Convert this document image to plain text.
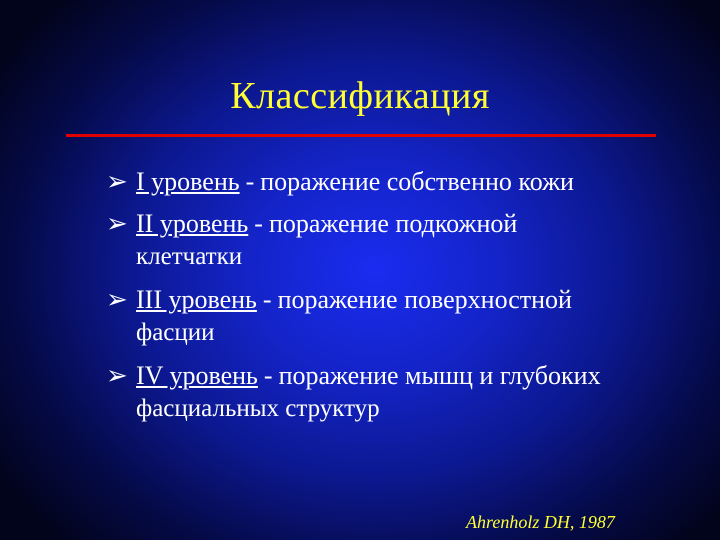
Классификация
➢ I уровень - поражение собственно кожи
➢ II уровень - поражение подкожной
клетчатки
➢ III уровень - поражение поверхностной
фасции
➢ IV уровень - поражение мышц и глубоких
фасциальных структур
Ahrenholz DH, 1987
